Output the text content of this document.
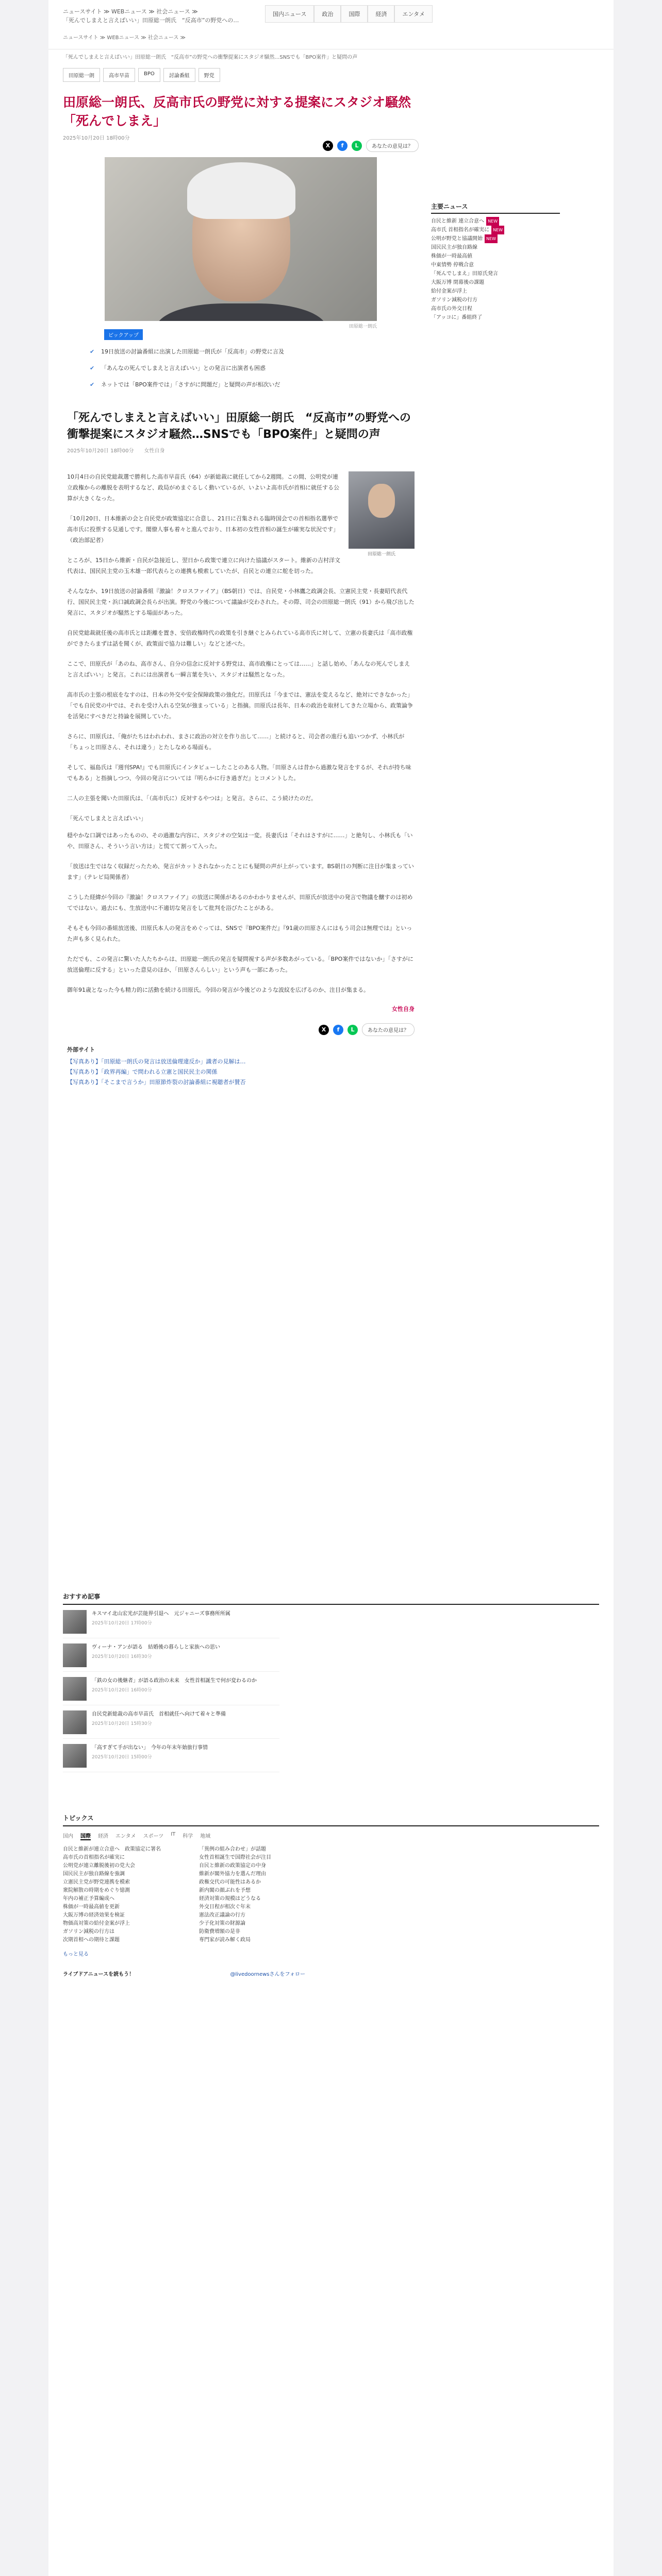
ニュースサイト ≫ WEBニュース ≫ 社会ニュース ≫
「死んでしまえと言えばいい」田原総一朗氏　“反高市”の野党への…
国内ニュース	政治	国際	経済	エンタメ
ニュースサイト ≫ WEBニュース ≫ 社会ニュース ≫
「死んでしまえと言えばいい」田原総一朗氏　“反高市”の野党への衝撃提案にスタジオ騒然…SNSでも「BPO案件」と疑問の声
田原総一朗	高市早苗	BPO	討論番組	野党
田原総一朗氏、反高市氏の野党に対する提案にスタジオ騒然「死んでしまえ」
2025年10月20日 18時00分
X	f	L	あなたの意見は？
田原総一朗氏
ピックアップ
✔ 19日放送の討論番組に出演した田原総一朗氏が「反高市」の野党に言及
✔ 「あんなの死んでしまえと言えばいい」との発言に出演者も困惑
✔ ネットでは「BPO案件では」「さすがに問題だ」と疑問の声が相次いだ
「死んでしまえと言えばいい」田原総一朗氏　“反高市”の野党への衝撃提案にスタジオ騒然…SNSでも「BPO案件」と疑問の声
2025年10月20日 18時00分　　女性自身
田原総一朗氏

10月4日の自民党総裁選で勝利した高市早苗氏（64）が新総裁に就任してから2週間。この間、公明党が連立政権からの離脱を表明するなど、政局がめまぐるしく動いているが、いよいよ高市氏が首相に就任する公算が大きくなった。

「10月20日、日本維新の会と自民党が政策協定に合意し、21日に召集される臨時国会での首相指名選挙で高市氏に投票する見通しです。閣僚人事も着々と進んでおり、日本初の女性首相の誕生が確実な状況です」（政治部記者）

ところが、15日から維新・自民が急接近し、翌日から政策で連立に向けた協議がスタート。維新の吉村洋文代表は、国民民主党の玉木雄一郎代表らとの連携も模索していたが、自民との連立に舵を切った。

そんななか、19日放送の討論番組『激論！クロスファイア』（BS朝日）では、自民党・小林鷹之政調会長、立憲民主党・長妻昭代表代行、国民民主党・浜口誠政調会長らが出演。野党の今後について議論が交わされた。その際、司会の田原総一朗氏（91）から飛び出した発言に、スタジオが騒然とする場面があった。

自民党総裁就任後の高市氏とは距離を置き、安倍政権時代の政策を引き継ぐとみられている高市氏に対して、立憲の長妻氏は「高市政権ができたらまずは話を聞くが、政策面で協力は難しい」などと述べた。

ここで、田原氏が「あのね、高市さん、自分の信念に反対する野党は、高市政権にとっては……」と話し始め、「あんなの死んでしまえと言えばいい」と発言。これには出演者も一瞬言葉を失い、スタジオは騒然となった。

高市氏の主張の根底をなすのは、日本の外交や安全保障政策の強化だ。田原氏は「今までは、憲法を変えるなど、絶対にできなかった」「でも自民党の中では、それを受け入れる空気が強まっている」と指摘。田原氏は長年、日本の政治を取材してきた立場から、政策論争を活発にすべきだと持論を展開していた。

さらに、田原氏は、「俺がたちはわれわれ、まさに政治の対立を作り出して……」と続けると、司会者の進行も追いつかず、小林氏が「ちょっと田原さん、それは違う」とたしなめる場面も。

そして、福島氏は『週刊SPA!』でも田原氏にインタビューしたことのある人物。「田原さんは昔から過激な発言をするが、それが持ち味でもある」と指摘しつつ、今回の発言については『明らかに行き過ぎだ』とコメントした。

二人の主張を聞いた田原氏は、「（高市氏に）反対するやつは」と発言。さらに、こう続けたのだ。

「死んでしまえと言えばいい」

穏やかな口調ではあったものの、その過激な内容に、スタジオの空気は一変。長妻氏は「それはさすがに……」と絶句し、小林氏も「いや、田原さん、そういう言い方は」と慌てて割って入った。

「放送は生ではなく収録だったため、発言がカットされなかったことにも疑問の声が上がっています。BS朝日の判断に注目が集まっています」（テレビ局関係者）

こうした経緯が今回の『激論！クロスファイア』の放送に関係があるのかわかりませんが、田原氏が放送中の発言で物議を醸すのは初めてではない。過去にも、生放送中に不適切な発言をして批判を浴びたことがある。

そもそも今回の番組放送後、田原氏本人の発言をめぐっては、SNSで『BPO案件だ』『91歳の田原さんにはもう司会は無理では』といった声も多く見られた。

ただでも、この発言に驚いた人たちからは、田原総一朗氏の発言を疑問視する声が多数あがっている。「BPO案件ではないか」「さすがに放送倫理に反する」といった意見のほか、「田原さんらしい」という声も一部にあった。

御年91歳となった今も精力的に活動を続ける田原氏。今回の発言が今後どのような波紋を広げるのか、注目が集まる。

女性自身
X	f	L	あなたの意見は？
外部サイト
【写真あり】「田原総一朗氏の発言は放送倫理違反か」識者の見解は…
【写真あり】「政界再編」で問われる立憲と国民民主の関係
【写真あり】「そこまで言うか」田原節炸裂の討論番組に視聴者が賛否
主要ニュース
自民と維新 連立合意へ NEW
高市氏 首相指名が確実に NEW
公明が野党と協議開始 NEW
国民民主が独自路線
株価が一時最高値
中東情勢 停戦合意
「死んでしまえ」田原氏発言
大阪万博 閉幕後の課題
給付金案が浮上
ガソリン減税の行方
高市氏の外交日程
「アッコに」番組終了
おすすめ記事
キスマイ北山宏光が芸能界引退へ　元ジャニーズ事務所所属
2025年10月20日 17時00分
ヴィーナ・アンが語る　結婚後の暮らしと家族への思い
2025年10月20日 16時30分
「鉄の女の後継者」が語る政治の未来　女性首相誕生で何が変わるのか
2025年10月20日 16時00分
自民党新総裁の高市早苗氏　首相就任へ向けて着々と準備
2025年10月20日 15時30分
「高すぎて手が出ない」　今年の年末年始旅行事情
2025年10月20日 15時00分
トピックス
国内 国際 経済 エンタメ スポーツ IT 科学 地域
自民と維新が連立合意へ　政策協定に署名	「異例の組み合わせ」が話題
高市氏の首相指名が確実に	女性首相誕生で国際社会が注目
公明党が連立離脱後初の党大会	自民と維新の政策協定の中身
国民民主が独自路線を強調	維新が閣外協力を選んだ理由
立憲民主党が野党連携を模索	政権交代の可能性はあるか
衆院解散の時期をめぐり憶測	新内閣の顔ぶれを予想
年内の補正予算編成へ	経済対策の規模はどうなる
株価が一時最高値を更新	外交日程が相次ぐ年末
大阪万博の経済効果を検証	憲法改正議論の行方
物価高対策の給付金案が浮上	少子化対策の財源論
ガソリン減税の行方は	防衛費増額の是非
次期首相への期待と課題	専門家が読み解く政局
もっと見る
ライブドアニュースを読もう！	@livedoornewsさんをフォロー
